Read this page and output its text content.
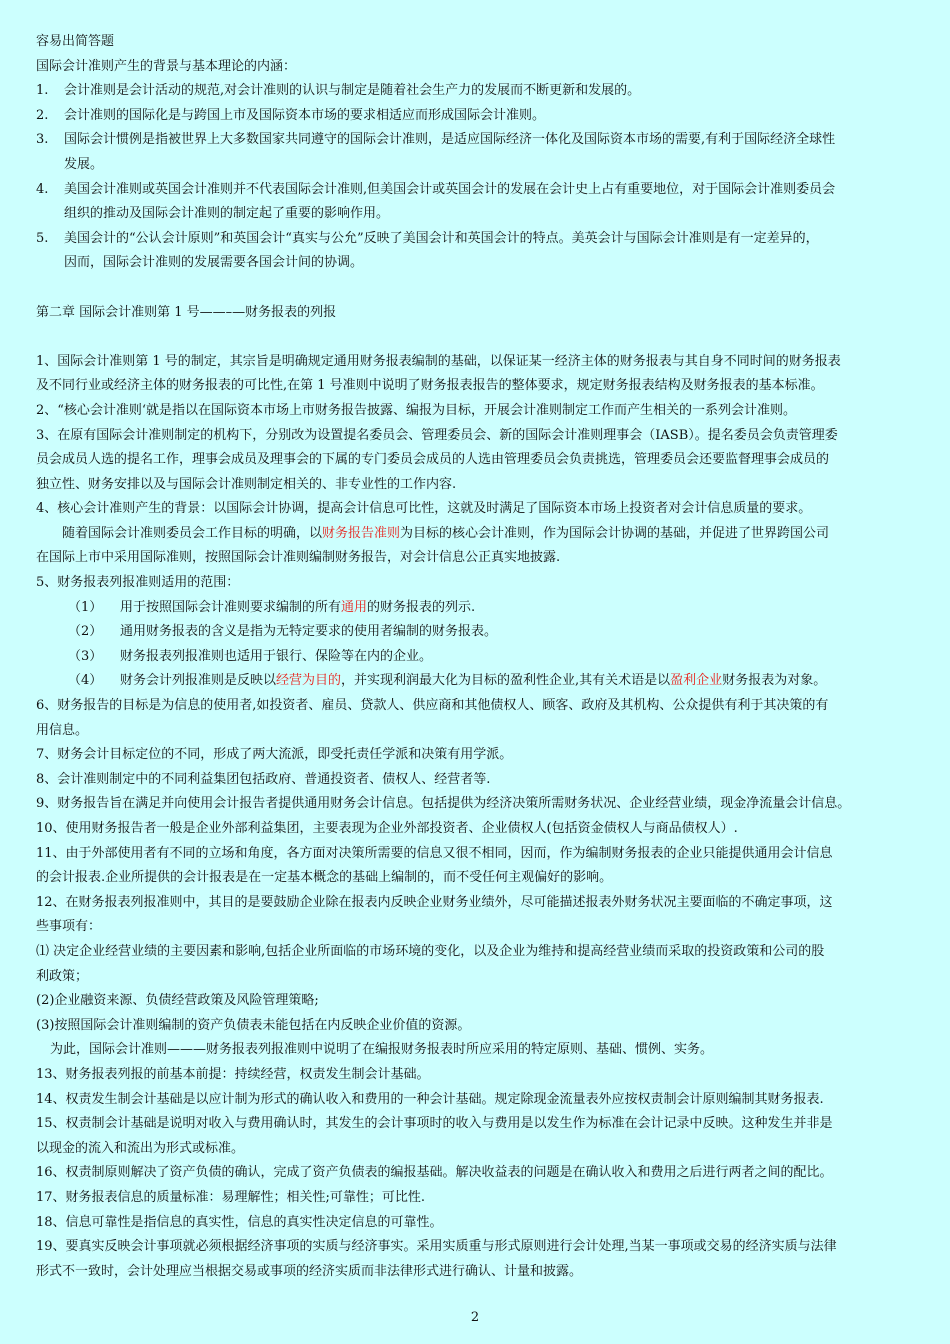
容易出简答题
国际会计准则产生的背景与基本理论的内涵：
1. 会计准则是会计活动的规范,对会计准则的认识与制定是随着社会生产力的发展而不断更新和发展的。
2. 会计准则的国际化是与跨国上市及国际资本市场的要求相适应而形成国际会计准则。
3. 国际会计惯例是指被世界上大多数国家共同遵守的国际会计准则，是适应国际经济一体化及国际资本市场的需要,有利于国际经济全球性
发展。
4. 美国会计准则或英国会计准则并不代表国际会计准则,但美国会计或英国会计的发展在会计史上占有重要地位，对于国际会计准则委员会
组织的推动及国际会计准则的制定起了重要的影响作用。
5. 美国会计的“公认会计原则”和英国会计“真实与公允”反映了美国会计和英国会计的特点。美英会计与国际会计准则是有一定差异的，
因而，国际会计准则的发展需要各国会计间的协调。
第二章 国际会计准则第 1 号——–—财务报表的列报
1、国际会计准则第 1 号的制定，其宗旨是明确规定通用财务报表编制的基础，以保证某一经济主体的财务报表与其自身不同时间的财务报表
及不同行业或经济主体的财务报表的可比性,在第 1 号准则中说明了财务报表报告的整体要求，规定财务报表结构及财务报表的基本标准。
2、“核心会计准则‘就是指以在国际资本市场上市财务报告披露、编报为目标，开展会计准则制定工作而产生相关的一系列会计准则。
3、在原有国际会计准则制定的机构下，分别改为设置提名委员会、管理委员会、新的国际会计准则理事会（IASB）。提名委员会负责管理委
员会成员人选的提名工作，理事会成员及理事会的下属的专门委员会成员的人选由管理委员会负责挑选，管理委员会还要监督理事会成员的
独立性、财务安排以及与国际会计准则制定相关的、非专业性的工作内容.
4、核心会计准则产生的背景：以国际会计协调，提高会计信息可比性，这就及时满足了国际资本市场上投资者对会计信息质量的要求。
随着国际会计准则委员会工作目标的明确，以财务报告准则为目标的核心会计准则，作为国际会计协调的基础，并促进了世界跨国公司
在国际上市中采用国际准则，按照国际会计准则编制财务报告，对会计信息公正真实地披露.
5、财务报表列报准则适用的范围：
（1） 用于按照国际会计准则要求编制的所有通用的财务报表的列示.
（2） 通用财务报表的含义是指为无特定要求的使用者编制的财务报表。
（3） 财务报表列报准则也适用于银行、保险等在内的企业。
（4） 财务会计列报准则是反映以经营为目的，并实现利润最大化为目标的盈利性企业,其有关术语是以盈利企业财务报表为对象。
6、财务报告的目标是为信息的使用者,如投资者、雇员、贷款人、供应商和其他债权人、顾客、政府及其机构、公众提供有利于其决策的有
用信息。
7、财务会计目标定位的不同，形成了两大流派，即受托责任学派和决策有用学派。
8、会计准则制定中的不同利益集团包括政府、普通投资者、债权人、经营者等.
9、财务报告旨在满足并向使用会计报告者提供通用财务会计信息。包括提供为经济决策所需财务状况、企业经营业绩，现金净流量会计信息。
10、使用财务报告者一般是企业外部利益集团，主要表现为企业外部投资者、企业债权人(包括资金债权人与商品债权人）.
11、由于外部使用者有不同的立场和角度，各方面对决策所需要的信息又很不相同，因而，作为编制财务报表的企业只能提供通用会计信息
的会计报表.企业所提供的会计报表是在一定基本概念的基础上编制的，而不受任何主观偏好的影响。
12、在财务报表列报准则中，其目的是要鼓励企业除在报表内反映企业财务业绩外，尽可能描述报表外财务状况主要面临的不确定事项，这
些事项有：
⑴ 决定企业经营业绩的主要因素和影响,包括企业所面临的市场环境的变化，以及企业为维持和提高经营业绩而采取的投资政策和公司的股
利政策；
(2)企业融资来源、负债经营政策及风险管理策略;
(3)按照国际会计准则编制的资产负债表未能包括在内反映企业价值的资源。
为此，国际会计准则———财务报表列报准则中说明了在编报财务报表时所应采用的特定原则、基础、惯例、实务。
13、财务报表列报的前基本前提：持续经营，权责发生制会计基础。
14、权责发生制会计基础是以应计制为形式的确认收入和费用的一种会计基础。规定除现金流量表外应按权责制会计原则编制其财务报表.
15、权责制会计基础是说明对收入与费用确认时，其发生的会计事项时的收入与费用是以发生作为标准在会计记录中反映。这种发生并非是
以现金的流入和流出为形式或标准。
16、权责制原则解决了资产负债的确认，完成了资产负债表的编报基础。解决收益表的问题是在确认收入和费用之后进行两者之间的配比。
17、财务报表信息的质量标准：易理解性；相关性;可靠性；可比性.
18、信息可靠性是指信息的真实性，信息的真实性决定信息的可靠性。
19、要真实反映会计事项就必须根据经济事项的实质与经济事实。采用实质重与形式原则进行会计处理,当某一事项或交易的经济实质与法律
形式不一致时，会计处理应当根据交易或事项的经济实质而非法律形式进行确认、计量和披露。
2
